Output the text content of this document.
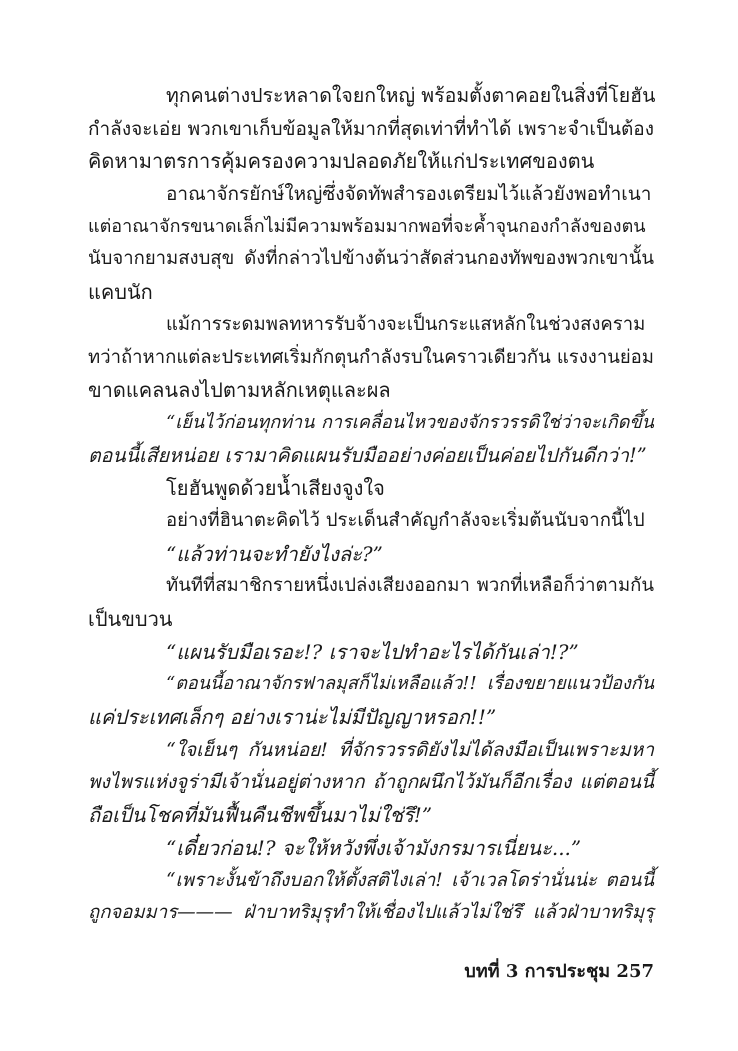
ทุกคนต่างประหลาดใจยกใหญ่ พร้อมตั้งตาคอยในสิ่งที่โยฮัน
กำลังจะเอ่ย พวกเขาเก็บข้อมูลให้มากที่สุดเท่าที่ทำได้ เพราะจำเป็นต้อง
คิดหามาตรการคุ้มครองความปลอดภัยให้แก่ประเทศของตน
อาณาจักรยักษ์ใหญ่ซึ่งจัดทัพสำรองเตรียมไว้แล้วยังพอทำเนา
แต่อาณาจักรขนาดเล็กไม่มีความพร้อมมากพอที่จะค้ำจุนกองกำลังของตน
นับจากยามสงบสุข ดังที่กล่าวไปข้างต้นว่าสัดส่วนกองทัพของพวกเขานั้น
แคบนัก
แม้การระดมพลทหารรับจ้างจะเป็นกระแสหลักในช่วงสงคราม
ทว่าถ้าหากแต่ละประเทศเริ่มกักตุนกำลังรบในคราวเดียวกัน แรงงานย่อม
ขาดแคลนลงไปตามหลักเหตุและผล
“เย็นไว้ก่อนทุกท่าน การเคลื่อนไหวของจักรวรรดิใช่ว่าจะเกิดขึ้น
ตอนนี้เสียหน่อย เรามาคิดแผนรับมืออย่างค่อยเป็นค่อยไปกันดีกว่า!”
โยฮันพูดด้วยน้ำเสียงจูงใจ
อย่างที่ฮินาตะคิดไว้ ประเด็นสำคัญกำลังจะเริ่มต้นนับจากนี้ไป
“แล้วท่านจะทำยังไงล่ะ?”
ทันทีที่สมาชิกรายหนึ่งเปล่งเสียงออกมา พวกที่เหลือก็ว่าตามกัน
เป็นขบวน
“แผนรับมือเรอะ!? เราจะไปทำอะไรได้กันเล่า!?”
“ตอนนี้อาณาจักรฟาลมุสก็ไม่เหลือแล้ว!! เรื่องขยายแนวป้องกัน
แค่ประเทศเล็กๆ อย่างเราน่ะไม่มีปัญญาหรอก!!”
“ใจเย็นๆ กันหน่อย! ที่จักรวรรดิยังไม่ได้ลงมือเป็นเพราะมหา
พงไพรแห่งจูร่ามีเจ้านั่นอยู่ต่างหาก ถ้าถูกผนึกไว้มันก็อีกเรื่อง แต่ตอนนี้
ถือเป็นโชคที่มันฟื้นคืนชีพขึ้นมาไม่ใช่รึ!”
“เดี๋ยวก่อน!? จะให้หวังพึ่งเจ้ามังกรมารเนี่ยนะ...”
“เพราะงั้นข้าถึงบอกให้ตั้งสติไงเล่า! เจ้าเวลโดร่านั่นน่ะ ตอนนี้
ถูกจอมมาร——— ฝ่าบาทริมุรุทำให้เชื่องไปแล้วไม่ใช่รึ แล้วฝ่าบาทริมุรุ
บทที่ 3 การประชุม 257
